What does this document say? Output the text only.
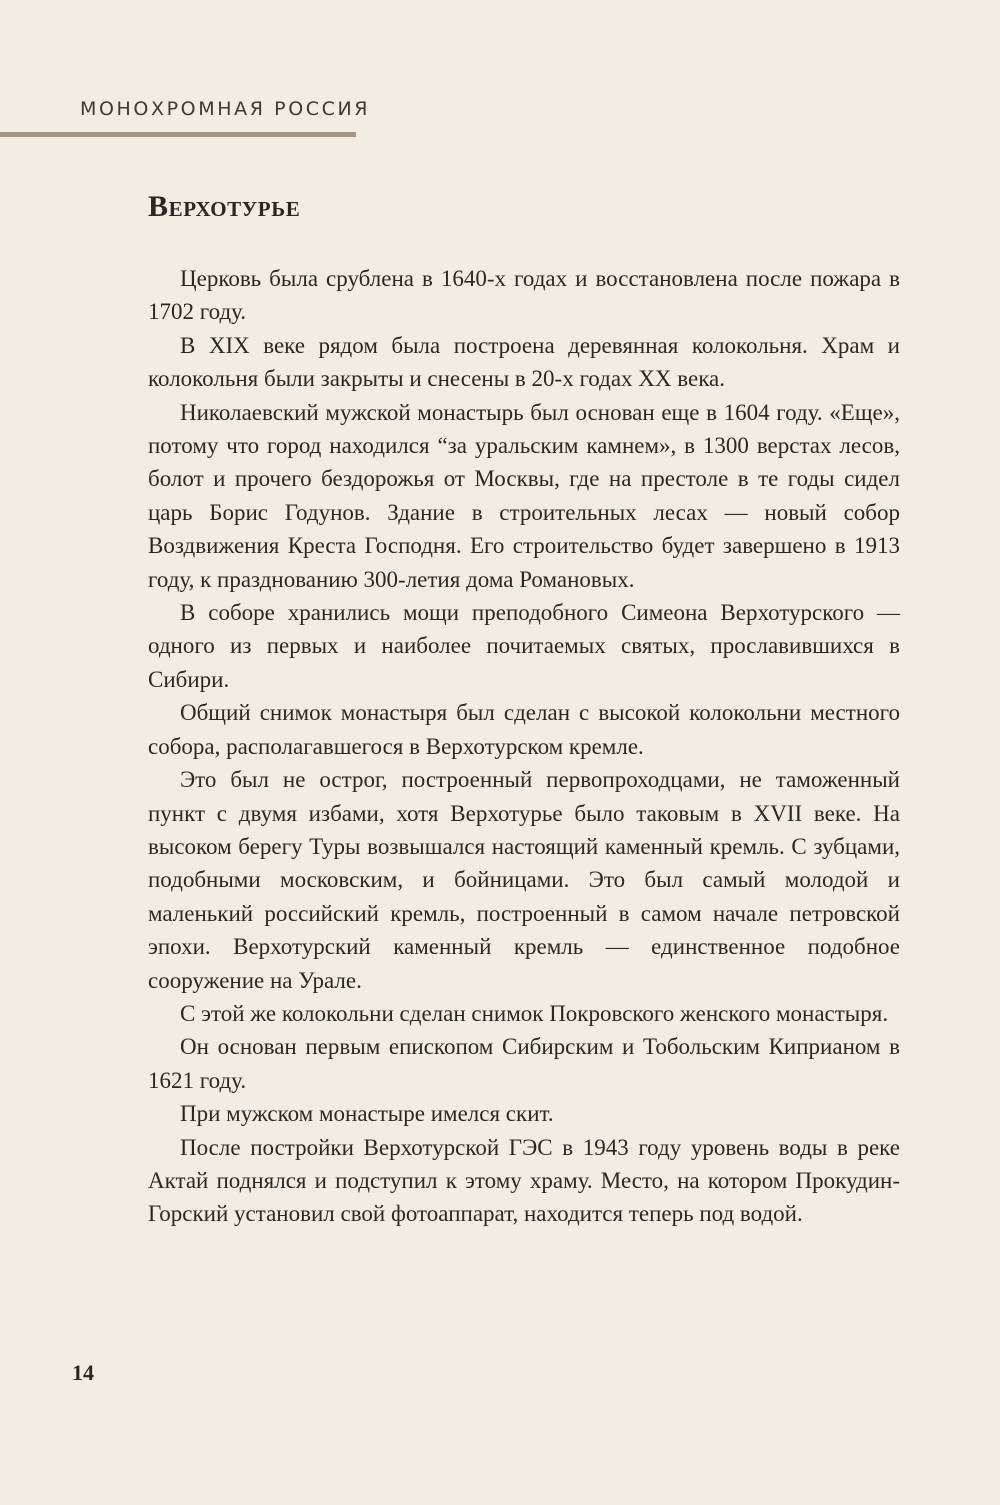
МОНОХРОМНАЯ РОССИЯ
Верхотурье

Церковь была срублена в 1640-х годах и восстановлена после пожара в 1702 году.

В XIX веке рядом была построена деревянная колокольня. Храм и колокольня были закрыты и снесены в 20-х годах XX века.

Николаевский мужской монастырь был основан еще в 1604 году. «Еще», потому что город находился “за уральским камнем», в 1300 верстах лесов, болот и прочего бездорожья от Москвы, где на престоле в те годы сидел царь Борис Годунов. Здание в строительных лесах — новый собор Воздвижения Креста Господня. Его строительство будет завершено в 1913 году, к празднованию 300-летия дома Романовых.

В соборе хранились мощи преподобного Симеона Верхотурского — одного из первых и наиболее почитаемых святых, прославившихся в Сибири.

Общий снимок монастыря был сделан с высокой колокольни местного собора, располагавшегося в Верхотурском кремле.

Это был не острог, построенный первопроходцами, не таможенный пункт с двумя избами, хотя Верхотурье было таковым в XVII веке. На высоком берегу Туры возвышался настоящий каменный кремль. С зубцами, подобными московским, и бойницами. Это был самый молодой и маленький российский кремль, построенный в самом начале петровской эпохи. Верхотурский каменный кремль — единственное подобное сооружение на Урале.

С этой же колокольни сделан снимок Покровского женского монастыря.

Он основан первым епископом Сибирским и Тобольским Киприаном в 1621 году.

При мужском монастыре имелся скит.

После постройки Верхотурской ГЭС в 1943 году уровень воды в реке Актай поднялся и подступил к этому храму. Место, на котором Прокудин-Горский установил свой фотоаппарат, находится теперь под водой.

14
